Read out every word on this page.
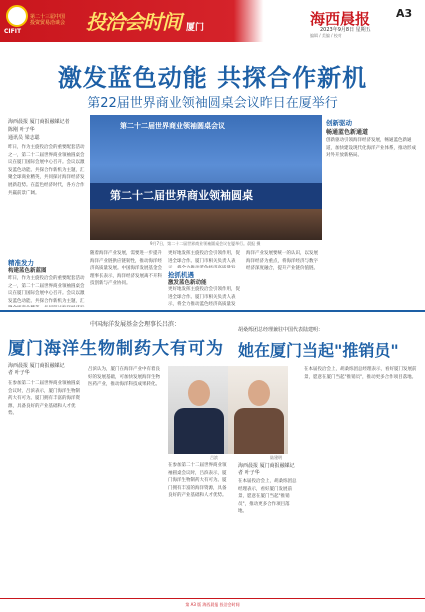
CIFIT
第二十三届中国投资贸易洽谈会 投洽会时间 厦门	海西晨报 A3
2023年9月8日 星期五
编辑 / 美编 / 校对
激发蓝色动能 共探合作新机
第22届世界商业领袖圆桌会议昨日在厦举行
海西晨报 厦门商报融媒记者
陈刚 叶子华
通讯员 梁志聪
昨日，作为主旋投洽会的重要配套活动之一，第二十二届世界商业领袖圆桌会议在厦门国际会展中心召开。会议以激发蓝色动能、共探合作新机为主题，汇聚全球商业精英，共同探讨海洋经济发展新趋势。在蓝色经济时代，各方合作共赢前景广阔。
精准发力
构建蓝色新蓝图
昨日，作为主旋投洽会的重要配套活动之一，第二十二届世界商业领袖圆桌会议在厦门国际会展中心召开。会议以激发蓝色动能、共探合作新机为主题，汇
第二十二届世界商业领袖圆桌会议
第二十二届世界商业领袖圆桌
9月7日，第二十二届世界商业领袖圆桌会议在厦举行。晨报 摄
随着海洋产业发展，需要进一步提升海洋产业链供应链韧性，推动海洋经济高质量发展。中国海洋发展基金会理事长表示，海洋经济发展离不开科技创新与产业协同。
更好地发挥主旋投洽会引领作用，促进全球合作。厦门市相关负责人表
抢抓机遇
激发蓝色新动能
更好地发挥主旋投洽会引领作用，促进全球合作。厦门市相关负责人表示，将全力推动蓝色经济高质量发
海洋产业发展要统一的认识，以发展海洋经济为重点，将海洋经济与数字经济深度融合，提升产业链价值链。
创新驱动
畅通蓝色新通道
创新驱动引领海洋经济发展，畅通蓝色新通道，加快建设现代化海洋产业体系，推动形成对外开放新格局。
中国海洋发展基金会理事长吕滨：
厦门海洋生物制药大有可为
海西晨报 厦门商报融媒记者 叶子华
在参加第二十二届世界商业领袖圆桌会议时，吕滨表示，厦门海洋生物制药大有可为。厦门拥有丰富的海洋资源，具备良好的产业基础和人才优势。
吕滨认为，厦门在海洋产业中有着良好的发展基础，可加快发展海洋生物医药产业，推动海洋科技成果转化。
吕滨	陆建明
在参加第二十二届世界商业领袖圆桌会议时，吕滨表示，厦门海洋生物制药大有可为。厦门拥有丰富的海洋资源，具备良好的产业基础和人才优势。
胡桑烁团总经理兼驻中国代表陆建明：
她在厦门当起"推销员"
海西晨报 厦门商报融媒记者 叶子华
在本届投洽会上，胡桑烁团总经理表示，看好厦门发展前景，愿意在厦门当起"推销员"，推动更多合作项目落地。
在本届投洽会上，胡桑烁团总经理表示，看好厦门发展前景，愿意在厦门当起"推销员"，推动更多合作项目落地。
第 A3 版 海西晨报 投洽会时间
